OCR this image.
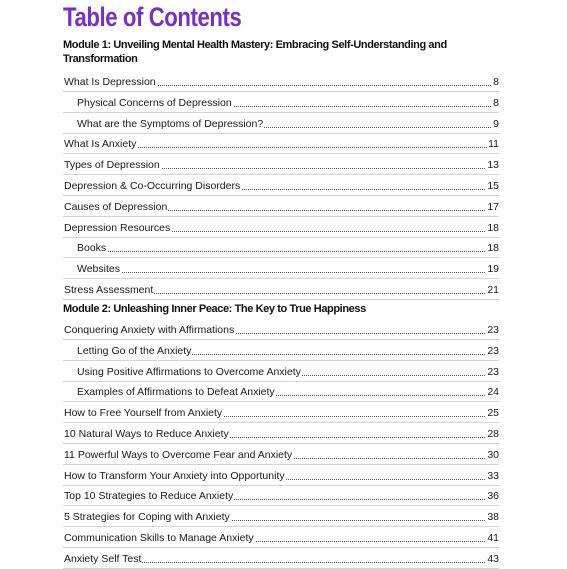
Table of Contents
Module 1: Unveiling Mental Health Mastery: Embracing Self-Understanding and Transformation
What Is Depression	8
Physical Concerns of Depression	8
What are the Symptoms of Depression?	9
What Is Anxiety	11
Types of Depression	13
Depression & Co-Occurring Disorders	15
Causes of Depression	17
Depression Resources	18
Books	18
Websites	19
Stress Assessment	21
Module 2: Unleashing Inner Peace: The Key to True Happiness
Conquering Anxiety with Affirmations	23
Letting Go of the Anxiety	23
Using Positive Affirmations to Overcome Anxiety	23
Examples of Affirmations to Defeat Anxiety	24
How to Free Yourself from Anxiety	25
10 Natural Ways to Reduce Anxiety	28
11 Powerful Ways to Overcome Fear and Anxiety	30
How to Transform Your Anxiety into Opportunity	33
Top 10 Strategies to Reduce Anxiety	36
5 Strategies for Coping with Anxiety	38
Communication Skills to Manage Anxiety	41
Anxiety Self Test	43
